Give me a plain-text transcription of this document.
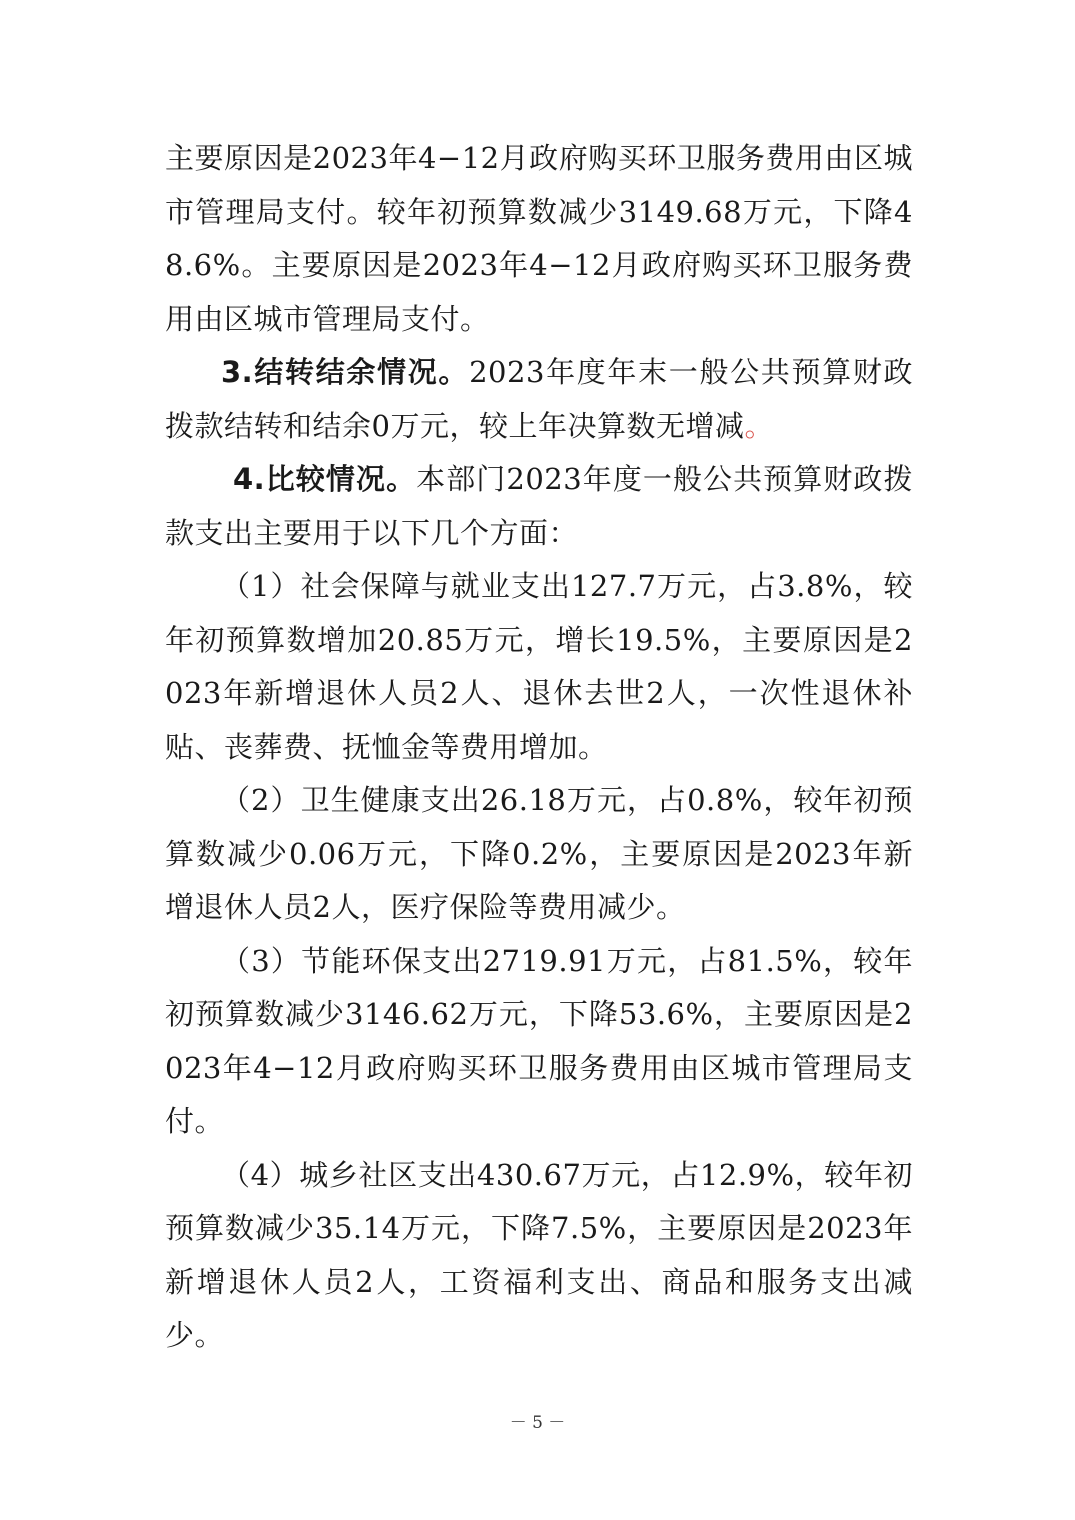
主要原因是2023年4−12月政府购买环卫服务费用由区城市管理局支付。较年初预算数减少3149.68万元，下降48.6%。主要原因是2023年4−12月政府购买环卫服务费用由区城市管理局支付。

3.结转结余情况。2023年度年末一般公共预算财政拨款结转和结余0万元，较上年决算数无增减。

4.比较情况。本部门2023年度一般公共预算财政拨款支出主要用于以下几个方面：

（1）社会保障与就业支出127.7万元，占3.8%，较年初预算数增加20.85万元，增长19.5%，主要原因是2023年新增退休人员2人、退休去世2人，一次性退休补贴、丧葬费、抚恤金等费用增加。

（2）卫生健康支出26.18万元，占0.8%，较年初预算数减少0.06万元，下降0.2%，主要原因是2023年新增退休人员2人，医疗保险等费用减少。

（3）节能环保支出2719.91万元，占81.5%，较年初预算数减少3146.62万元，下降53.6%，主要原因是2023年4−12月政府购买环卫服务费用由区城市管理局支付。

（4）城乡社区支出430.67万元，占12.9%，较年初预算数减少35.14万元，下降7.5%，主要原因是2023年新增退休人员2人，工资福利支出、商品和服务支出减少。

－ 5 －
